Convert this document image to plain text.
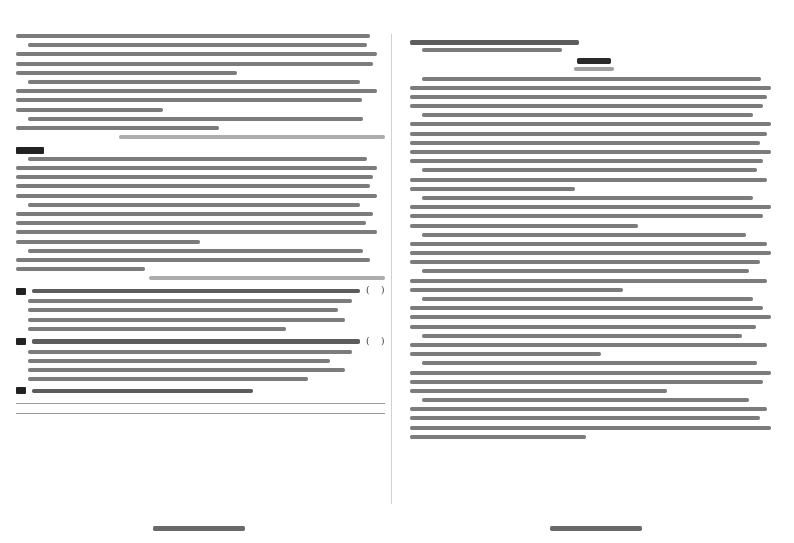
(    )
(    )
